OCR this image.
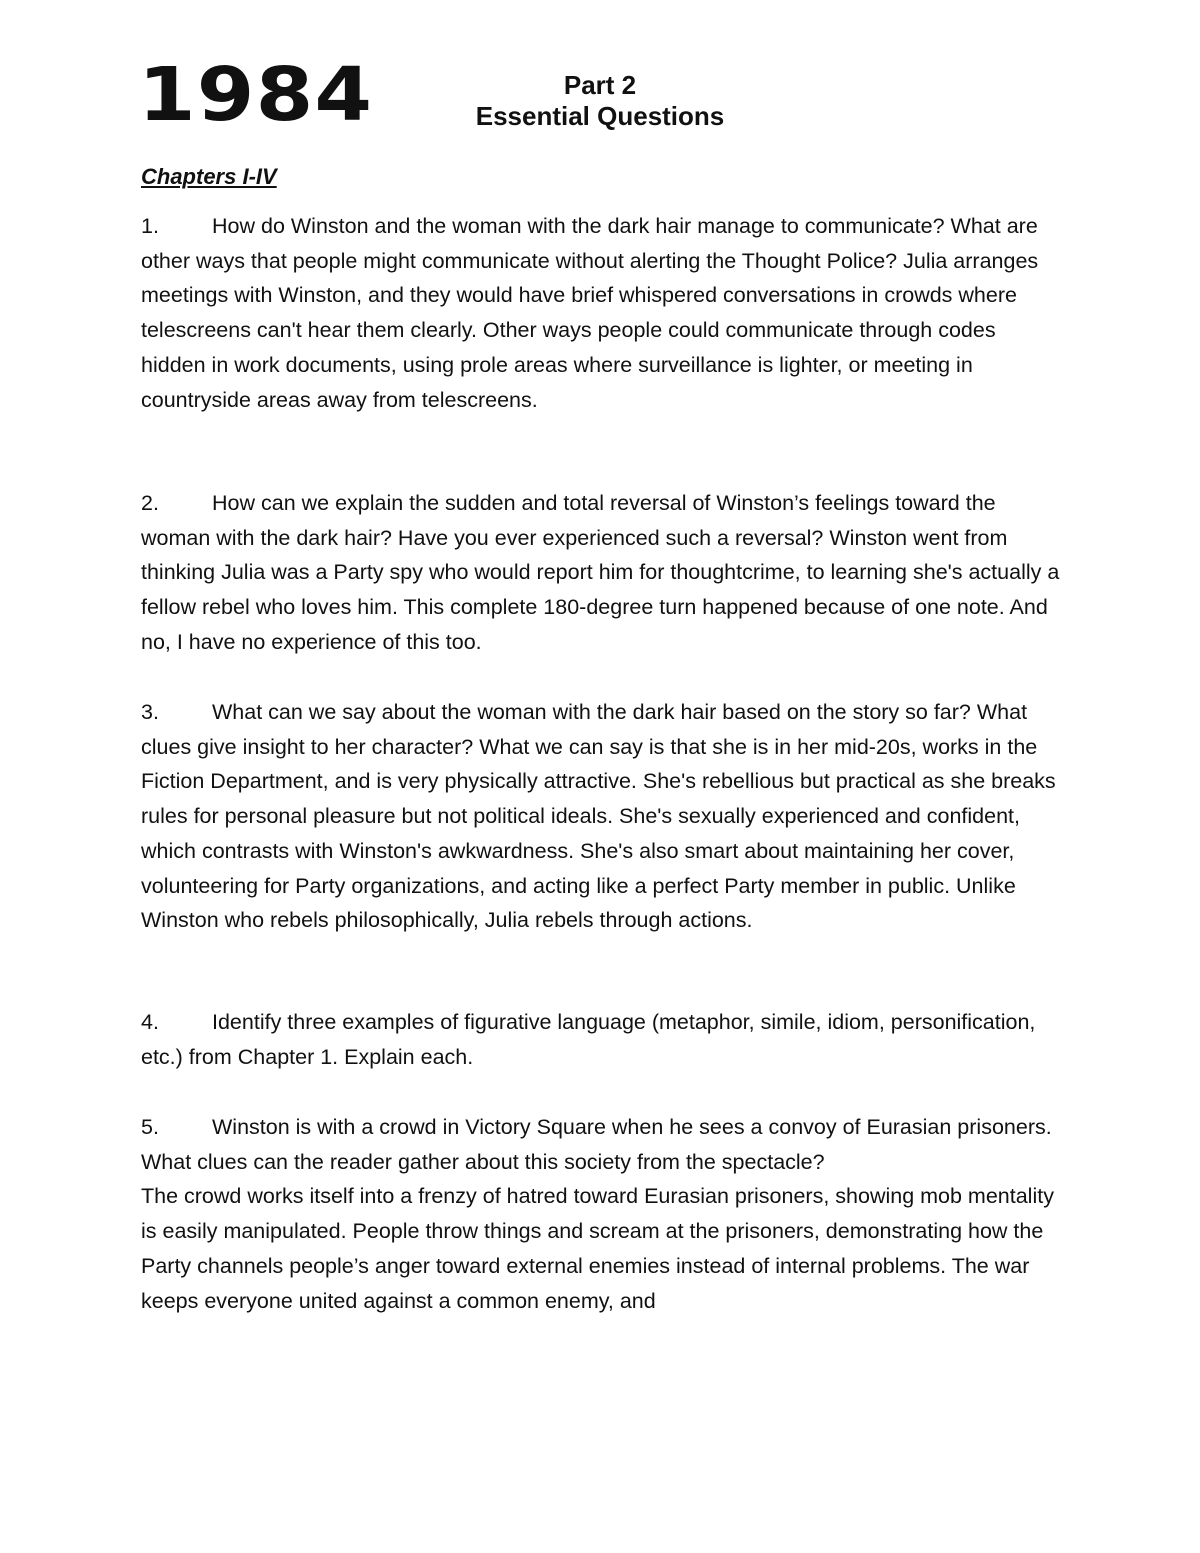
1984	Part 2
Essential Questions
Chapters I-IV
1. How do Winston and the woman with the dark hair manage to communicate? What are other ways that people might communicate without alerting the Thought Police? Julia arranges meetings with Winston, and they would have brief whispered conversations in crowds where telescreens can't hear them clearly. Other ways people could communicate through codes hidden in work documents, using prole areas where surveillance is lighter, or meeting in countryside areas away from telescreens.
2. How can we explain the sudden and total reversal of Winston’s feelings toward the woman with the dark hair? Have you ever experienced such a reversal? Winston went from thinking Julia was a Party spy who would report him for thoughtcrime, to learning she's actually a fellow rebel who loves him. This complete 180-degree turn happened because of one note. And no, I have no experience of this too.
3. What can we say about the woman with the dark hair based on the story so far? What clues give insight to her character? What we can say is that she is in her mid-20s, works in the Fiction Department, and is very physically attractive. She's rebellious but practical as she breaks rules for personal pleasure but not political ideals. She's sexually experienced and confident, which contrasts with Winston's awkwardness. She's also smart about maintaining her cover, volunteering for Party organizations, and acting like a perfect Party member in public. Unlike Winston who rebels philosophically, Julia rebels through actions.
4. Identify three examples of figurative language (metaphor, simile, idiom, personification, etc.) from Chapter 1. Explain each.
5. Winston is with a crowd in Victory Square when he sees a convoy of Eurasian prisoners. What clues can the reader gather about this society from the spectacle?
The crowd works itself into a frenzy of hatred toward Eurasian prisoners, showing mob mentality is easily manipulated. People throw things and scream at the prisoners, demonstrating how the Party channels people’s anger toward external enemies instead of internal problems. The war keeps everyone united against a common enemy, and
